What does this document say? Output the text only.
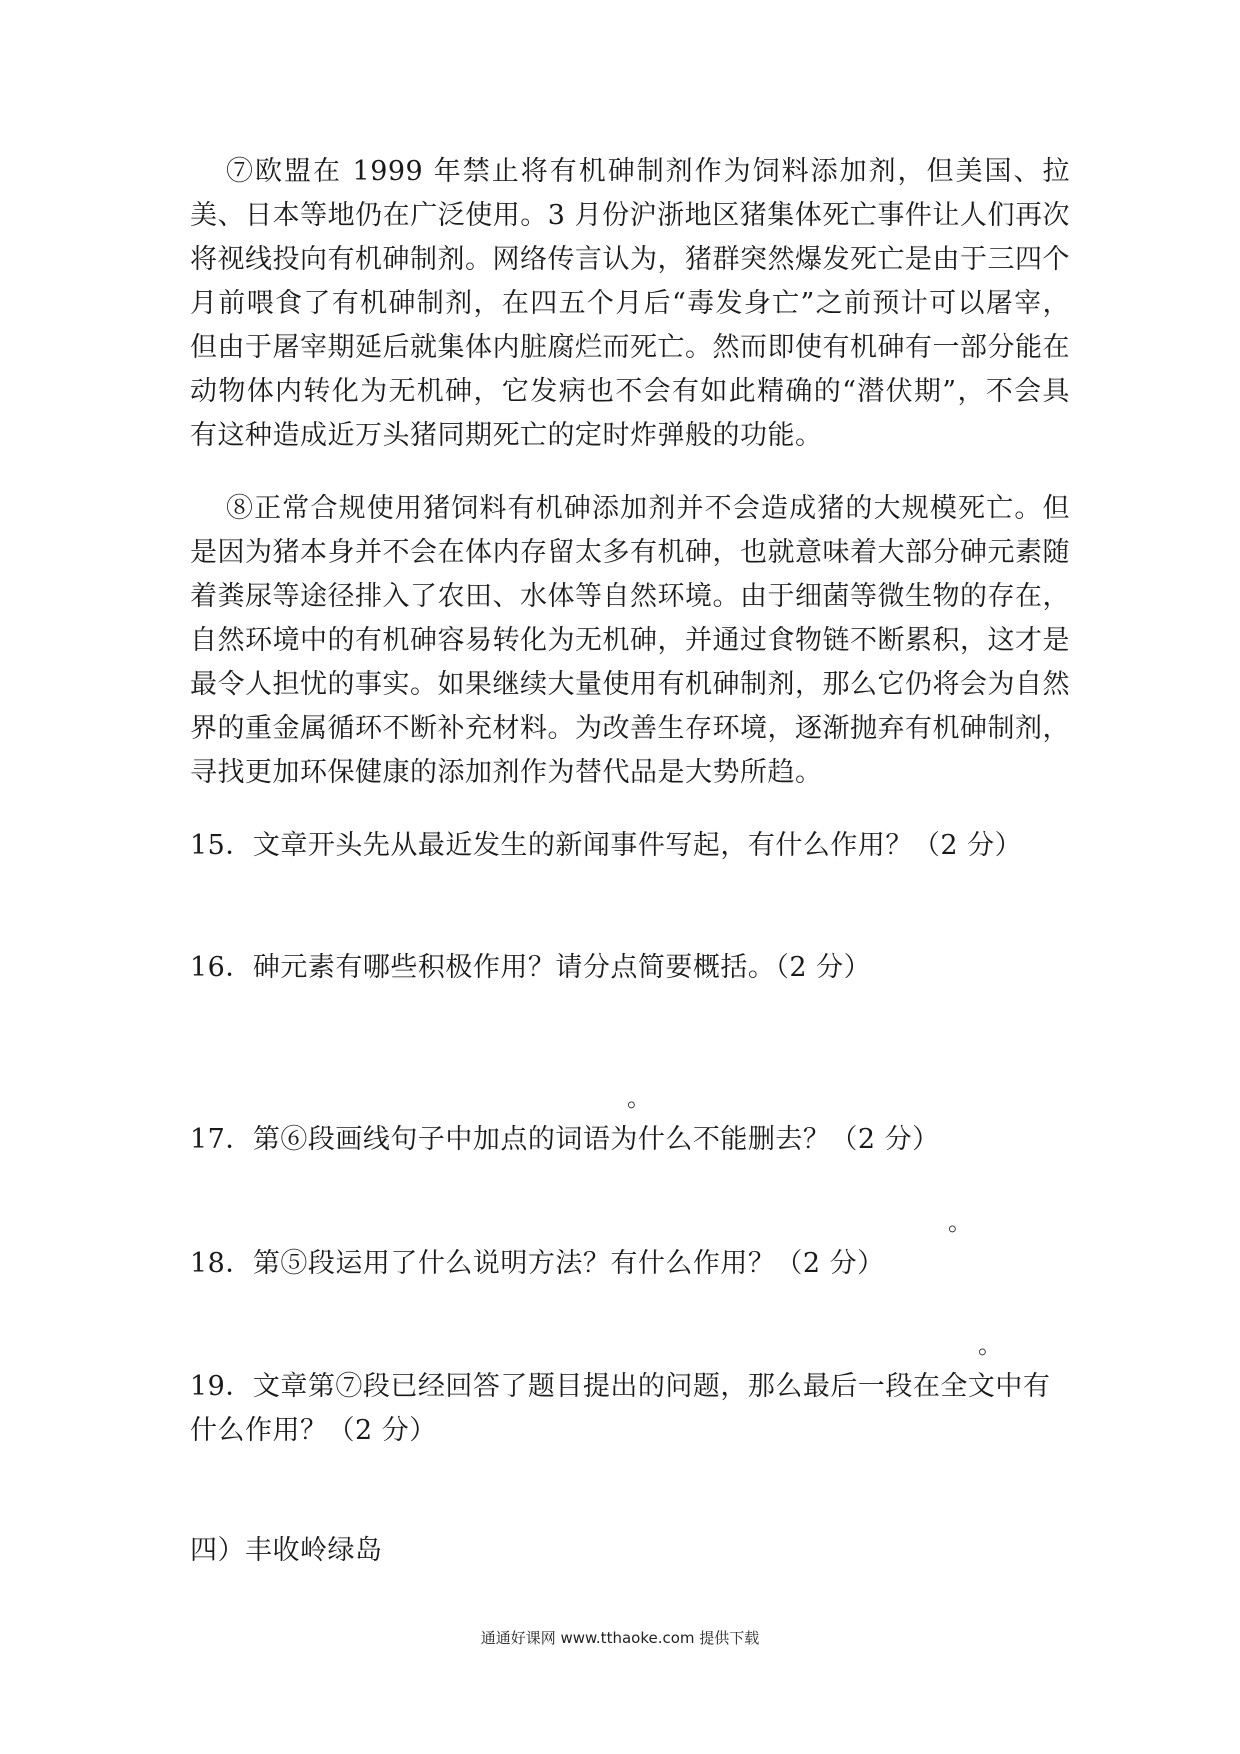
⑦欧盟在 1999 年禁止将有机砷制剂作为饲料添加剂，但美国、拉美、日本等地仍在广泛使用。3 月份沪浙地区猪集体死亡事件让人们再次将视线投向有机砷制剂。网络传言认为，猪群突然爆发死亡是由于三四个月前喂食了有机砷制剂，在四五个月后“毒发身亡”之前预计可以屠宰，但由于屠宰期延后就集体内脏腐烂而死亡。然而即使有机砷有一部分能在动物体内转化为无机砷，它发病也不会有如此精确的“潜伏期”，不会具有这种造成近万头猪同期死亡的定时炸弹般的功能。

⑧正常合规使用猪饲料有机砷添加剂并不会造成猪的大规模死亡。但是因为猪本身并不会在体内存留太多有机砷，也就意味着大部分砷元素随着粪尿等途径排入了农田、水体等自然环境。由于细菌等微生物的存在，自然环境中的有机砷容易转化为无机砷，并通过食物链不断累积，这才是最令人担忧的事实。如果继续大量使用有机砷制剂，那么它仍将会为自然界的重金属循环不断补充材料。为改善生存环境，逐渐抛弃有机砷制剂，寻找更加环保健康的添加剂作为替代品是大势所趋。

15．文章开头先从最近发生的新闻事件写起，有什么作用？（2 分）

16．砷元素有哪些积极作用？请分点简要概括。（2 分）

。

17．第⑥段画线句子中加点的词语为什么不能删去？（2 分）

。

18．第⑤段运用了什么说明方法？有什么作用？（2 分）

。

19．文章第⑦段已经回答了题目提出的问题，那么最后一段在全文中有什么作用？（2 分）

四）丰收岭绿岛

通通好课网 www.tthaoke.com 提供下载
